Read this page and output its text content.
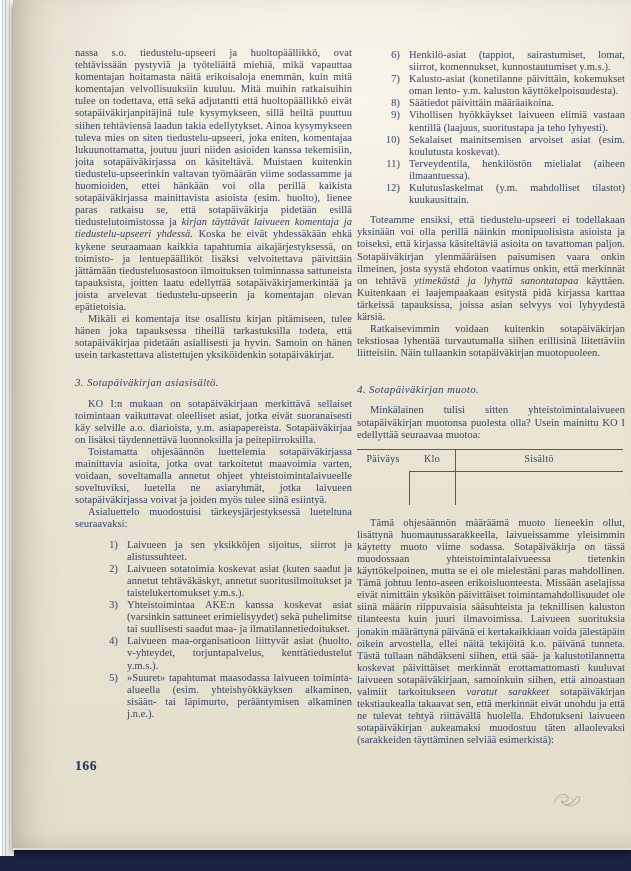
nassa s.o. tiedustelu-upseeri ja huoltopäällikkö, ovat tehtävissään pystyviä ja työteliäitä miehiä, mikä vapauttaa komentajan hoitamasta näitä erikoisaloja enemmän, kuin mitä komentajan velvollisuuksiin kuuluu. Mitä muihin ratkaisuihin tulee on todettava, että sekä adjutantti että huoltopäällikkö eivät sotapäiväkirjanpitäjinä tule kysymykseen, sillä heiltä puuttuu siihen tehtäviensä laadun takia edellytykset. Ainoa kysymykseen tuleva mies on siten tiedustelu-upseeri, joka eniten, komentajaa lukuunottamatta, joutuu juuri niiden asioiden kanssa tekemisiin, joita sotapäiväkirjassa on käsiteltävä. Muistaen kuitenkin tiedustelu-upseerinkin valtavan työmäärän viime sodassamme ja huomioiden, ettei hänkään voi olla perillä kaikista sotapäiväkirjassa mainittavista asioista (esim. huolto), lienee paras ratkaisu se, että sotapäiväkirja pidetään esillä tiedustelutoimistossa ja kirjan täyttävät laivueen komentaja ja tiedustelu-upseeri yhdessä. Koska he eivät yhdessäkään ehkä kykene seuraamaan kaikkia tapahtumia aikajärjestyksessä, on toimisto- ja lentuepäälliköt lisäksi velvoitettava päivittäin jättämään tiedusteluosastoon ilmoituksen toiminnassa sattuneista tapauksista, joitten laatu edellyttää sotapäiväkirjamerkintää ja joista arvelevat tiedustelu-upseerin ja komentajan olevan epätietoisia.

Mikäli ei komentaja itse osallistu kirjan pitämiseen, tulee hänen joka tapauksessa tiheillä tarkastuksilla todeta, että sotapäiväkirjaa pidetään asiallisesti ja hyvin. Samoin on hänen usein tarkastettava alistettujen yksiköidenkin sotapäiväkirjat.

3. Sotapäiväkirjan asiasisältö.

KO I:n mukaan on sotapäiväkirjaan merkittävä sellaiset toimintaan vaikuttavat oleelliset asiat, jotka eivät suoranaisesti käy selville a.o. diarioista, y.m. asiapapereista. Sotapäiväkirjaa on lisäksi täydennettävä luonnoksilla ja peitepiirroksilla.

Toistamatta ohjesäännön luettelemia sotapäiväkirjassa mainittavia asioita, jotka ovat tarkoitetut maavoimia varten, voidaan, soveltamalla annetut ohjeet yhteistoimintalaivueelle soveltuviksi, luetella ne asiaryhmät, jotka laivueen sotapäiväkirjassa voivat ja joiden myös tulee siinä esiintyä.

Asialuettelo muodostuisi tärkeysjärjestyksessä lueteltuna seuraavaksi:

1) Laivueen ja sen yksikköjen sijoitus, siirrot ja alistussuhteet.
2) Laivueen sotatoimia koskevat asiat (kuten saadut ja annetut tehtäväkäskyt, annetut suoritusilmoitukset ja taistelukertomukset y.m.s.).
3) Yhteistoimintaa AKE:n kanssa koskevat asiat (varsinkin sattuneet erimielisyydet) sekä puhelimitse tai suullisesti saadut maa- ja ilmatilannetiedoitukset.
4) Laivueen maa-organisatioon liittyvät asiat (huolto, v-yhteydet, torjuntapalvelus, kenttätiedustelut y.m.s.).
5) »Suuret» tapahtumat maasodassa laivueen toiminta-alueella (esim. yhteishyökkäyksen alkaminen, sisään- tai läpimurto, perääntymisen alkaminen j.n.e.).
6) Henkilö-asiat (tappiot, sairastumiset, lomat, siirrot, komennukset, kunnostautumiset y.m.s.).
7) Kalusto-asiat (konetilanne päivittäin, kokemukset oman lento- y.m. kaluston käyttökelpoisuudesta).
8) Säätiedot päivittäin määräaikoina.
9) Vihollisen hyökkäykset laivueen elimiä vastaan kentillä (laajuus, suoritustapa ja teho lyhyesti).
10) Sekalaiset mainitsemisen arvoiset asiat (esim. koulutusta koskevat).
11) Terveydentila, henkilöstön mielialat (aiheen ilmaantuessa).
12) Kulutuslaskelmat (y.m. mahdolliset tilastot) kuukausittain.

Toteamme ensiksi, että tiedustelu-upseeri ei todellakaan yksinään voi olla perillä näinkin monipuolisista asioista ja toiseksi, että kirjassa käsiteltäviä asioita on tavattoman paljon. Sotapäiväkirjan ylenmääräisen paisumisen vaara onkin ilmeinen, josta syystä ehdoton vaatimus onkin, että merkinnät on tehtävä ytimekästä ja lyhyttä sanontatapaa käyttäen. Kuitenkaan ei laajempaakaan esitystä pidä kirjassa karttaa tärkeissä tapauksissa, joissa asian selvyys voi lyhyydestä kärsiä.

Ratkaisevimmin voidaan kuitenkin sotapäiväkirjan tekstiosaa lyhentää turvautumalla siihen erillisinä liitettäviin liitteisiin. Näin tullaankin sotapäiväkirjan muotopuoleen.

4. Sotapäiväkirjan muoto.

Minkälainen tulisi sitten yhteistoimintalaivueen sotapäiväkirjan muotonsa puolesta olla? Usein mainittu KO I edellyttää seuraavaa muotoa:

Päiväys	Klo	Sisältö

Tämä ohjesäännön määräämä muoto lieneekin ollut, lisättynä huomautussarakkeella, laivueissamme yleisimmin käytetty muoto viime sodassa. Sotapäiväkirja on tässä muodossaan yhteistoimintalaivueessa tietenkin käyttökelpoinen, mutta se ei ole mielestäni paras mahdollinen. Tämä johtuu lento-aseen erikoisluonteesta. Missään aselajissa eivät nimittäin yksikön päivittäiset toimintamahdollisuudet ole siinä määrin riippuvaisia sääsuhteista ja teknillisen kaluston tilanteesta kuin juuri ilmavoimissa. Laivueen suorituksia jonakin määrättynä päivänä ei kertakaikkiaan voida jälestäpäin oikein arvostella, ellei näitä tekijöitä k.o. päivänä tunneta. Tästä tullaan nähdäkseni siihen, että sää- ja kalustotilannetta koskevat päivittäiset merkinnät erottamattomasti kuuluvat laivueen sotapäiväkirjaan, samoinkuin siihen, että ainoastaan valmiit tarkoitukseen varatut sarakkeet sotapäiväkirjan tekstiaukealla takaavat sen, että merkinnät eivät unohdu ja että ne tulevat tehtyä riittävällä huolella. Ehdotukseni laivueen sotapäiväkirjan aukeamaksi muodostuu täten allaolevaksi (sarakkeiden täyttäminen selviää esimerkistä):

166
